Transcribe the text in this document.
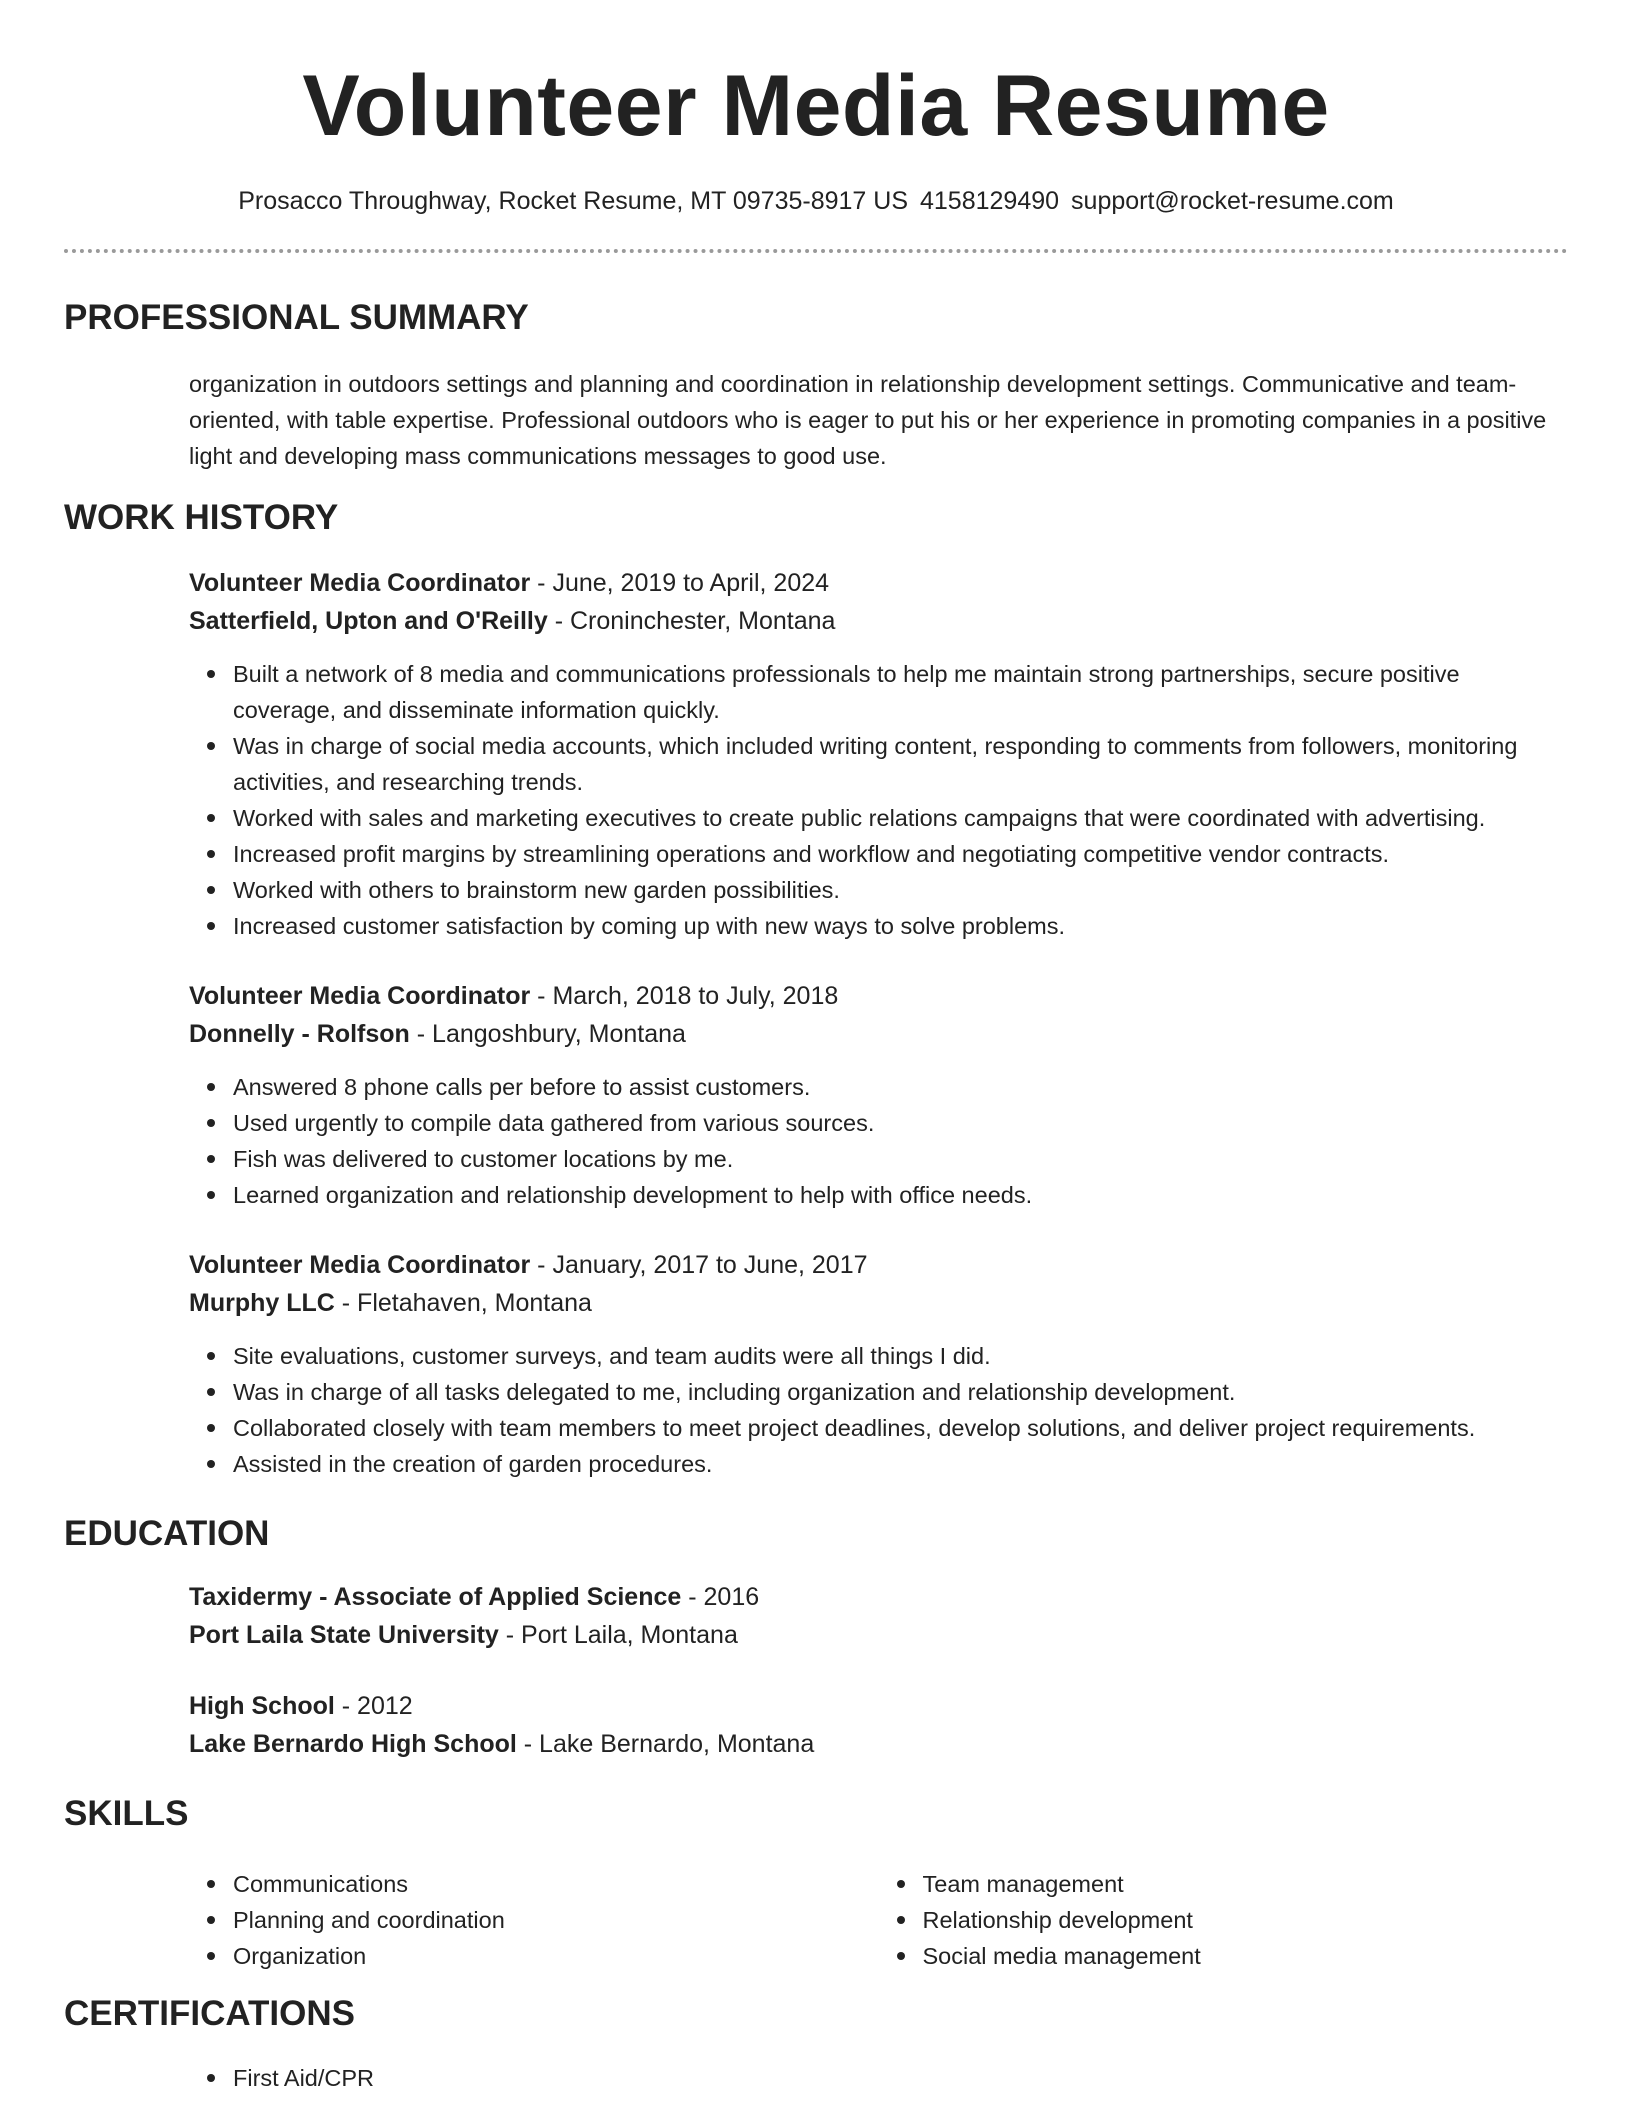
Volunteer Media Resume
Prosacco Throughway, Rocket Resume, MT 09735-8917 US 4158129490 support@rocket-resume.com
PROFESSIONAL SUMMARY
organization in outdoors settings and planning and coordination in relationship development settings. Communicative and team-oriented, with table expertise. Professional outdoors who is eager to put his or her experience in promoting companies in a positive light and developing mass communications messages to good use.
WORK HISTORY
Volunteer Media Coordinator - June, 2019 to April, 2024
Satterfield, Upton and O'Reilly - Croninchester, Montana
Built a network of 8 media and communications professionals to help me maintain strong partnerships, secure positive coverage, and disseminate information quickly.
Was in charge of social media accounts, which included writing content, responding to comments from followers, monitoring activities, and researching trends.
Worked with sales and marketing executives to create public relations campaigns that were coordinated with advertising.
Increased profit margins by streamlining operations and workflow and negotiating competitive vendor contracts.
Worked with others to brainstorm new garden possibilities.
Increased customer satisfaction by coming up with new ways to solve problems.
Volunteer Media Coordinator - March, 2018 to July, 2018
Donnelly - Rolfson - Langoshbury, Montana
Answered 8 phone calls per before to assist customers.
Used urgently to compile data gathered from various sources.
Fish was delivered to customer locations by me.
Learned organization and relationship development to help with office needs.
Volunteer Media Coordinator - January, 2017 to June, 2017
Murphy LLC - Fletahaven, Montana
Site evaluations, customer surveys, and team audits were all things I did.
Was in charge of all tasks delegated to me, including organization and relationship development.
Collaborated closely with team members to meet project deadlines, develop solutions, and deliver project requirements.
Assisted in the creation of garden procedures.
EDUCATION
Taxidermy - Associate of Applied Science - 2016
Port Laila State University - Port Laila, Montana
High School - 2012
Lake Bernardo High School - Lake Bernardo, Montana
SKILLS
Communications
Planning and coordination
Organization
Team management
Relationship development
Social media management
CERTIFICATIONS
First Aid/CPR
